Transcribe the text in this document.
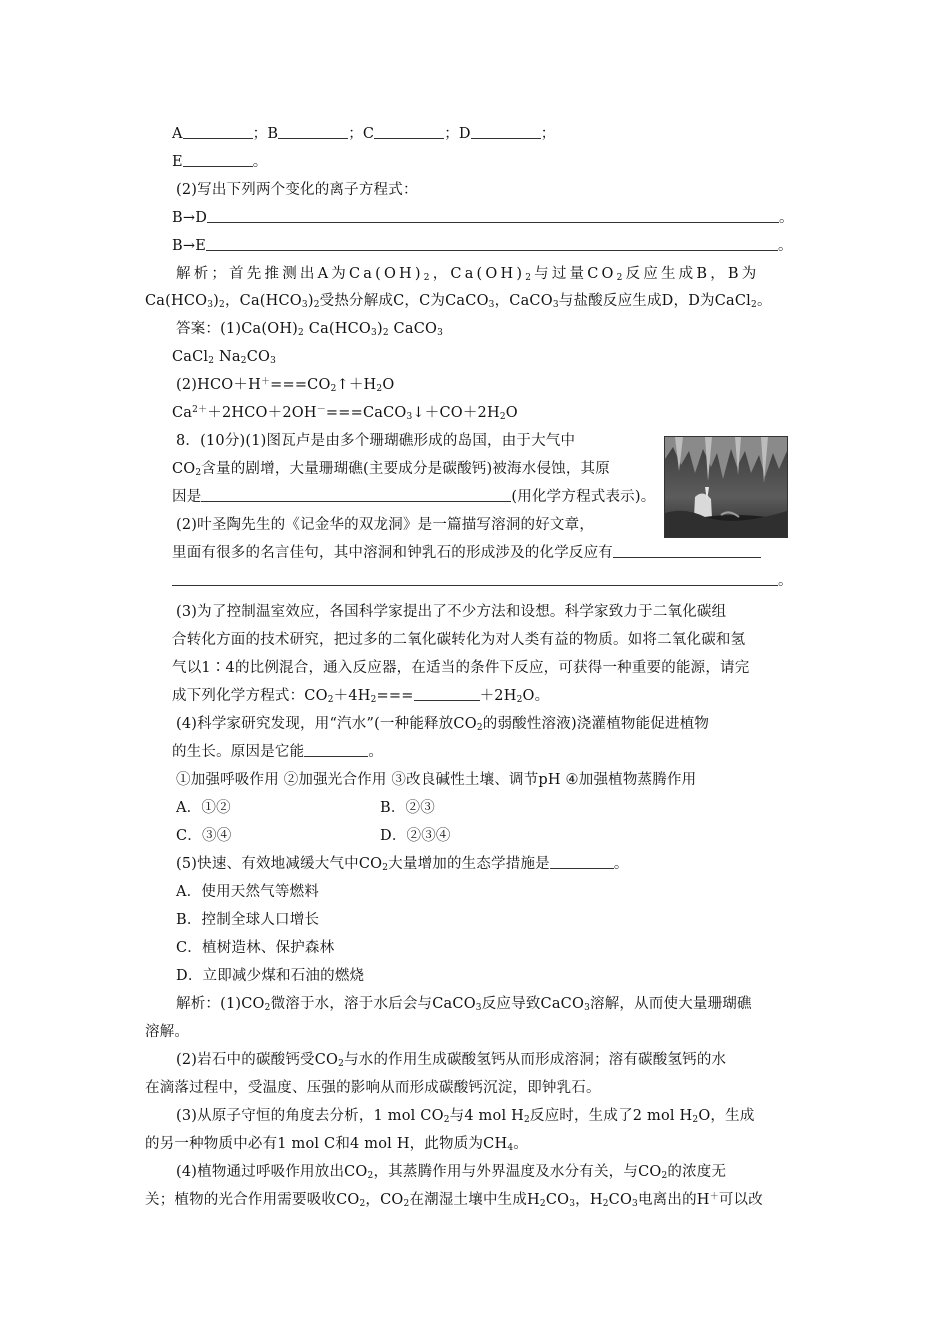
A	；B	；C	；D	；
E	。
(2)写出下列两个变化的离子方程式：
B→D	。
B→E	。
解析；首先推测出A为$Ca(OH)_2$，$Ca(OH)_2$与过量$CO_2$反应生成B，B为
$Ca(HCO_3)_2$，$Ca(HCO_3)_2$受热分解成C，C为CaCO$_3$，CaCO$_3$与盐酸反应生成D，D为CaCl$_2$。
答案：$(1)Ca(OH)_2$ $Ca(HCO_3)_2$ CaCO$_3$
CaCl$_2$ $Na_2CO_3$
$(2)HCO+H^+===CO_2↑+H_2O$
$Ca^{2+}+2HCO+2OH^-===CaCO_3↓+CO+2H_2O$
8．(10分)(1)图瓦卢是由多个珊瑚礁形成的岛国，由于大气中
$CO_2$含量的剧增，大量珊瑚礁(主要成分是碳酸钙)被海水侵蚀，其原
因是	(用化学方程式表示)。
(2)叶圣陶先生的《记金华的双龙洞》是一篇描写溶洞的好文章，
里面有很多的名言佳句，其中溶洞和钟乳石的形成涉及的化学反应有
。
(3)为了控制温室效应，各国科学家提出了不少方法和设想。科学家致力于二氧化碳组
合转化方面的技术研究，把过多的二氧化碳转化为对人类有益的物质。如将二氧化碳和氢
气以1∶4的比例混合，通入反应器，在适当的条件下反应，可获得一种重要的能源，请完
成下列化学方程式：$CO_2+4H_2===$	$+2H_2O$。
(4)科学家研究发现，用“汽水”(一种能释放$CO_2$的弱酸性溶液)浇灌植物能促进植物
的生长。原因是它能	。
①加强呼吸作用 ②加强光合作用 ③改良碱性土壤、调节pH ④加强植物蒸腾作用
A．①②	B．②③
C．③④	D．②③④
(5)快速、有效地减缓大气中$CO_2$大量增加的生态学措施是	。
A．使用天然气等燃料
B．控制全球人口增长
C．植树造林、保护森林
D．立即减少煤和石油的燃烧
解析：$(1)CO_2$微溶于水，溶于水后会与CaCO$_3$反应导致CaCO$_3$溶解，从而使大量珊瑚礁
溶解。
(2)岩石中的碳酸钙受$CO_2$与水的作用生成碳酸氢钙从而形成溶洞；溶有碳酸氢钙的水
在滴落过程中，受温度、压强的影响从而形成碳酸钙沉淀，即钟乳石。
(3)从原子守恒的角度去分析，1 mol $CO_2$与4 mol $H_2$反应时，生成了2 mol $H_2O$，生成
的另一种物质中必有1 mol C和4 mol H，此物质为$CH_4$。
(4)植物通过呼吸作用放出$CO_2$，其蒸腾作用与外界温度及水分有关，与$CO_2$的浓度无
关；植物的光合作用需要吸收$CO_2$，$CO_2$在潮湿土壤中生成$H_2CO_3$，$H_2CO_3$电离出的H＋可以改
